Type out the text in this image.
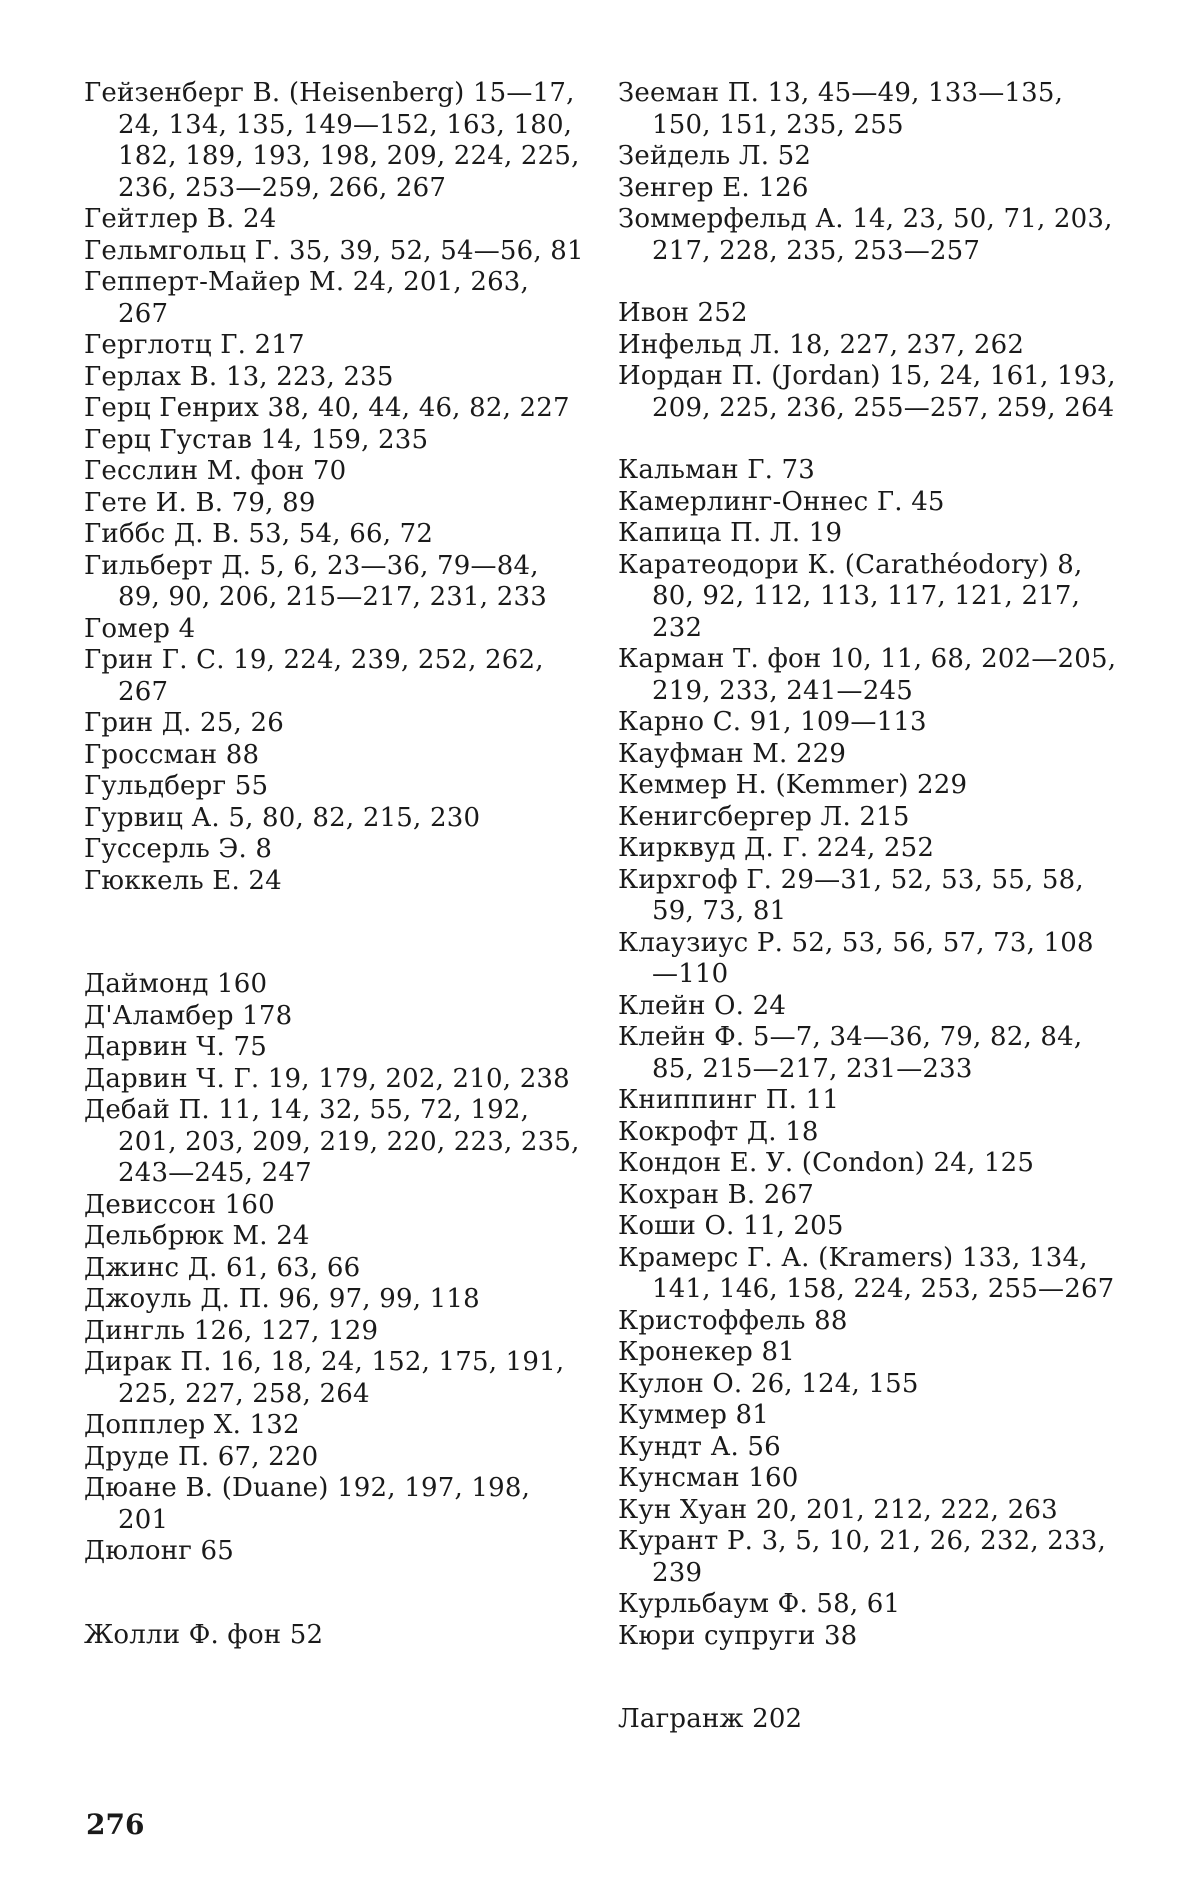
Гейзенберг В. (Heisenberg) 15—17, 24, 134, 135, 149—152, 163, 180, 182, 189, 193, 198, 209, 224, 225, 236, 253—259, 266, 267

Гейтлер В. 24

Гельмгольц Г. 35, 39, 52, 54—56, 81

Гепперт-Майер М. 24, 201, 263, 267

Герглотц Г. 217

Герлах В. 13, 223, 235

Герц Генрих 38, 40, 44, 46, 82, 227

Герц Густав 14, 159, 235

Гесслин М. фон 70

Гете И. В. 79, 89

Гиббс Д. В. 53, 54, 66, 72

Гильберт Д. 5, 6, 23—36, 79—84, 89, 90, 206, 215—217, 231, 233

Гомер 4

Грин Г. С. 19, 224, 239, 252, 262, 267

Грин Д. 25, 26

Гроссман 88

Гульдберг 55

Гурвиц А. 5, 80, 82, 215, 230

Гуссерль Э. 8

Гюккель Е. 24

Даймонд 160

Д'Аламбер 178

Дарвин Ч. 75

Дарвин Ч. Г. 19, 179, 202, 210, 238

Дебай П. 11, 14, 32, 55, 72, 192, 201, 203, 209, 219, 220, 223, 235, 243—245, 247

Девиссон 160

Дельбрюк М. 24

Джинс Д. 61, 63, 66

Джоуль Д. П. 96, 97, 99, 118

Дингль 126, 127, 129

Дирак П. 16, 18, 24, 152, 175, 191, 225, 227, 258, 264

Допплер Х. 132

Друде П. 67, 220

Дюане В. (Duane) 192, 197, 198, 201

Дюлонг 65

Жолли Ф. фон 52

Зееман П. 13, 45—49, 133—135, 150, 151, 235, 255

Зейдель Л. 52

Зенгер Е. 126

Зоммерфельд А. 14, 23, 50, 71, 203, 217, 228, 235, 253—257

Ивон 252

Инфельд Л. 18, 227, 237, 262

Иордан П. (Jordan) 15, 24, 161, 193, 209, 225, 236, 255—257, 259, 264

Кальман Г. 73

Камерлинг-Оннес Г. 45

Капица П. Л. 19

Каратеодори К. (Carathéodory) 8, 80, 92, 112, 113, 117, 121, 217, 232

Карман Т. фон 10, 11, 68, 202—205, 219, 233, 241—245

Карно С. 91, 109—113

Кауфман М. 229

Кеммер Н. (Kemmer) 229

Кенигсбергер Л. 215

Кирквуд Д. Г. 224, 252

Кирхгоф Г. 29—31, 52, 53, 55, 58, 59, 73, 81

Клаузиус Р. 52, 53, 56, 57, 73, 108—110

Клейн О. 24

Клейн Ф. 5—7, 34—36, 79, 82, 84, 85, 215—217, 231—233

Книппинг П. 11

Кокрофт Д. 18

Кондон Е. У. (Condon) 24, 125

Кохран В. 267

Коши О. 11, 205

Крамерс Г. А. (Kramers) 133, 134, 141, 146, 158, 224, 253, 255—267

Кристоффель 88

Кронекер 81

Кулон О. 26, 124, 155

Куммер 81

Кундт А. 56

Кунсман 160

Кун Хуан 20, 201, 212, 222, 263

Курант Р. 3, 5, 10, 21, 26, 232, 233, 239

Курльбаум Ф. 58, 61

Кюри супруги 38

Лагранж 202

276
